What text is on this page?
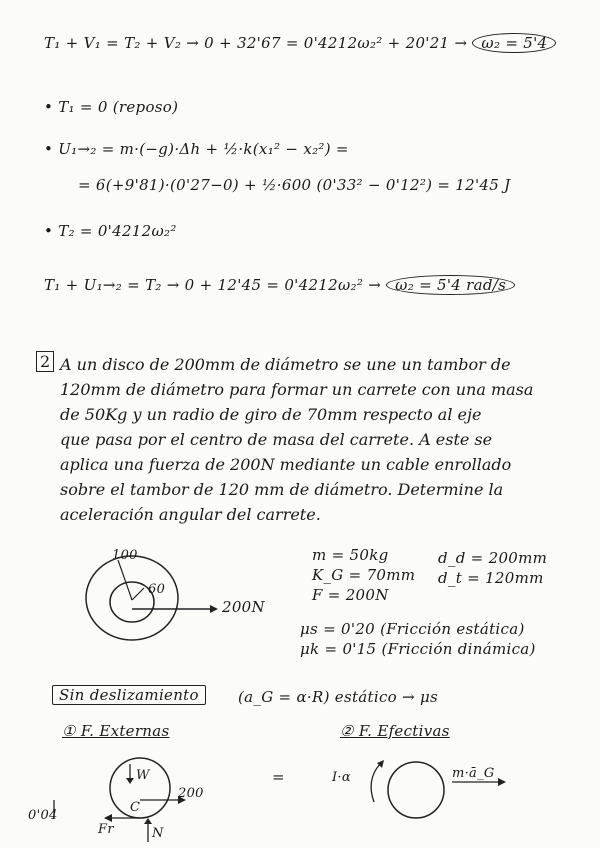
T₁ + V₁ = T₂ + V₂ → 0 + 32'67 = 0'4212ω₂² + 20'21 → ω₂ = 5'4
• T₁ = 0 (reposo)
• U₁→₂ = m·(−g)·Δh + ½·k(x₁² − x₂²) =
= 6(+9'81)·(0'27−0) + ½·600 (0'33² − 0'12²) = 12'45 J
• T₂ = 0'4212ω₂²
T₁ + U₁→₂ = T₂ → 0 + 12'45 = 0'4212ω₂² → ω₂ = 5'4 rad/s
2 A un disco de 200mm de diámetro se une un tambor de
120mm de diámetro para formar un carrete con una masa
de 50Kg y un radio de giro de 70mm respecto al eje
que pasa por el centro de masa del carrete. A este se
aplica una fuerza de 200N mediante un cable enrollado
sobre el tambor de 120 mm de diámetro. Determine la
aceleración angular del carrete.
100
60
200N
m = 50kg
K_G = 70mm
F = 200N
d_d = 200mm
d_t = 120mm
μs = 0'20 (Fricción estática)
μk = 0'15 (Fricción dinámica)
Sin deslizamiento	(a_G = α·R) estático → μs
① F. Externas	② F. Efectivas
W
200
C
0'04
Fr	N
=	I·α	m·ā_G
